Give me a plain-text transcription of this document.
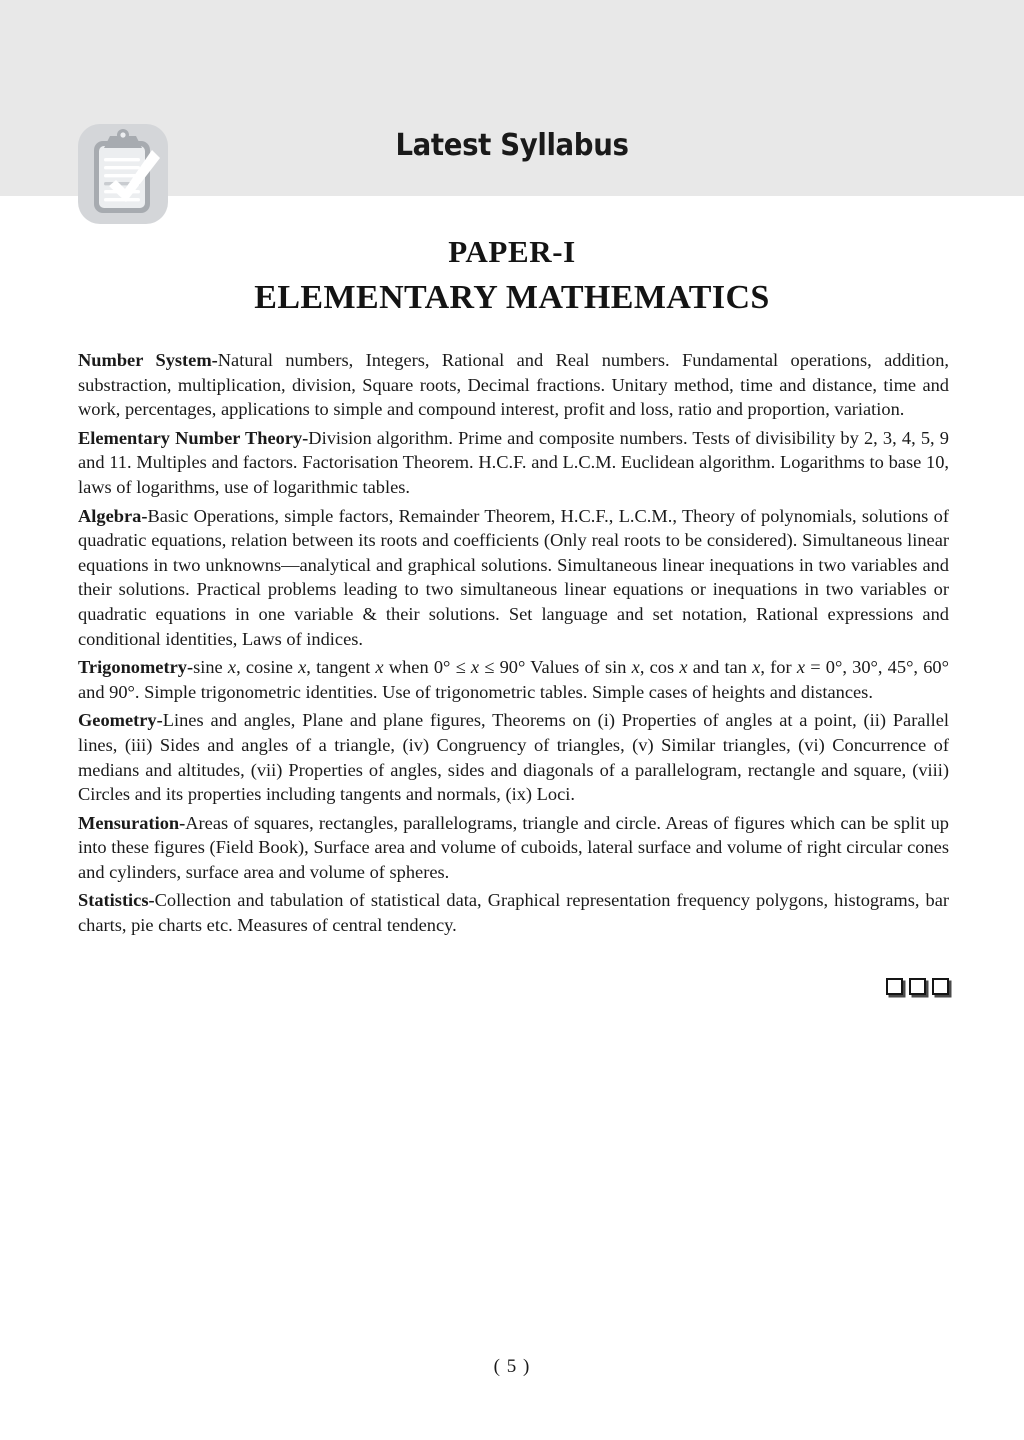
Latest Syllabus
PAPER-I
ELEMENTARY MATHEMATICS

Number System-Natural numbers, Integers, Rational and Real numbers. Fundamental operations, addition, substraction, multiplication, division, Square roots, Decimal fractions. Unitary method, time and distance, time and work, percentages, applications to simple and compound interest, profit and loss, ratio and proportion, variation.

Elementary Number Theory-Division algorithm. Prime and composite numbers. Tests of divisibility by 2, 3, 4, 5, 9 and 11. Multiples and factors. Factorisation Theorem. H.C.F. and L.C.M. Euclidean algorithm. Logarithms to base 10, laws of logarithms, use of logarithmic tables.

Algebra-Basic Operations, simple factors, Remainder Theorem, H.C.F., L.C.M., Theory of polynomials, solutions of quadratic equations, relation between its roots and coefficients (Only real roots to be considered). Simultaneous linear equations in two unknowns—analytical and graphical solutions. Simultaneous linear inequations in two variables and their solutions. Practical problems leading to two simultaneous linear equations or inequations in two variables or quadratic equations in one variable & their solutions. Set language and set notation, Rational expressions and conditional identities, Laws of indices.

Trigonometry-sine x, cosine x, tangent x when 0° ≤ x ≤ 90° Values of sin x, cos x and tan x, for x = 0°, 30°, 45°, 60° and 90°. Simple trigonometric identities. Use of trigonometric tables. Simple cases of heights and distances.

Geometry-Lines and angles, Plane and plane figures, Theorems on (i) Properties of angles at a point, (ii) Parallel lines, (iii) Sides and angles of a triangle, (iv) Congruency of triangles, (v) Similar triangles, (vi) Concurrence of medians and altitudes, (vii) Properties of angles, sides and diagonals of a parallelogram, rectangle and square, (viii) Circles and its properties including tangents and normals, (ix) Loci.

Mensuration-Areas of squares, rectangles, parallelograms, triangle and circle. Areas of figures which can be split up into these figures (Field Book), Surface area and volume of cuboids, lateral surface and volume of right circular cones and cylinders, surface area and volume of spheres.

Statistics-Collection and tabulation of statistical data, Graphical representation frequency polygons, histograms, bar charts, pie charts etc. Measures of central tendency.

( 5 )
